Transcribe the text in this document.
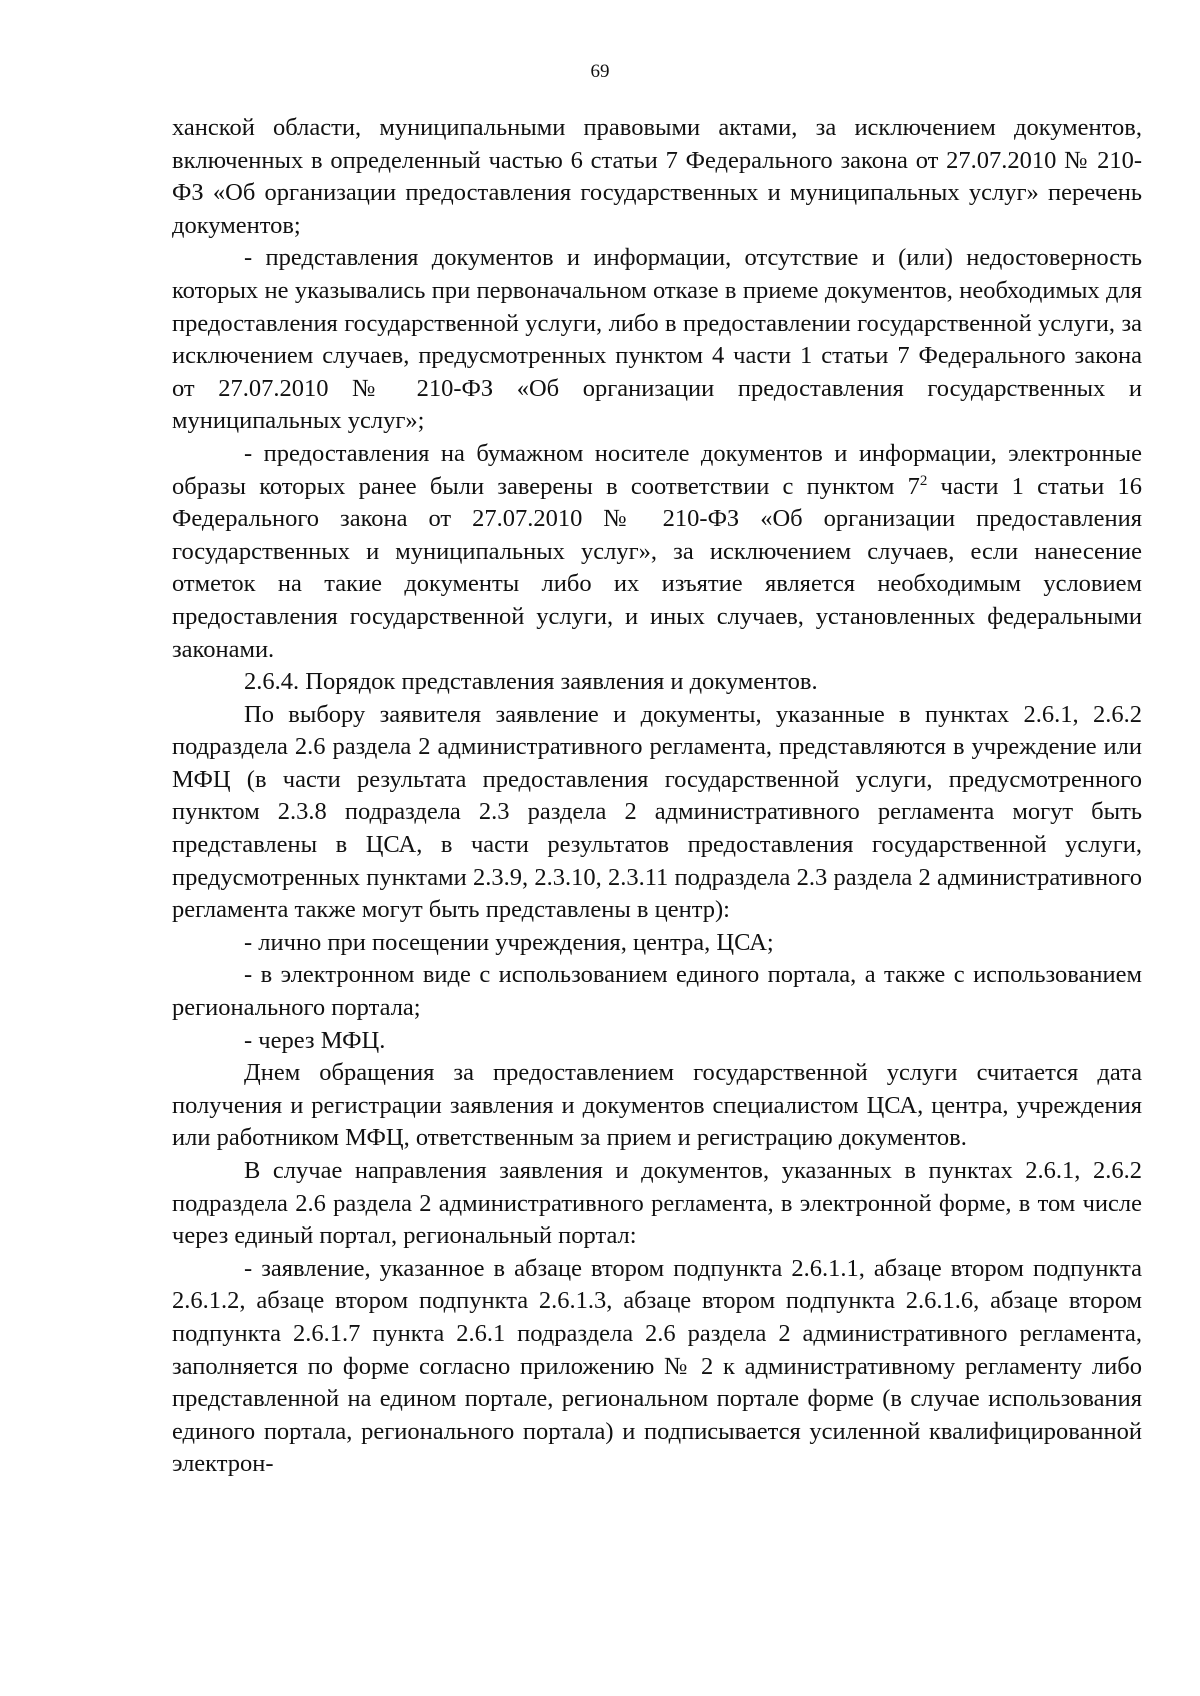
69

ханской области, муниципальными правовыми актами, за исключением документов, включенных в определенный частью 6 статьи 7 Федерального закона от 27.07.2010 № 210-ФЗ «Об организации предоставления государственных и муниципальных услуг» перечень документов;

- представления документов и информации, отсутствие и (или) недостоверность которых не указывались при первоначальном отказе в приеме документов, необходимых для предоставления государственной услуги, либо в предоставлении государственной услуги, за исключением случаев, предусмотренных пунктом 4 части 1 статьи 7 Федерального закона от 27.07.2010 № 210-ФЗ «Об организации предоставления государственных и муниципальных услуг»;

- предоставления на бумажном носителе документов и информации, электронные образы которых ранее были заверены в соответствии с пунктом $7^2$ части 1 статьи 16 Федерального закона от 27.07.2010 № 210-ФЗ «Об организации предоставления государственных и муниципальных услуг», за исключением случаев, если нанесение отметок на такие документы либо их изъятие является необходимым условием предоставления государственной услуги, и иных случаев, установленных федеральными законами.

2.6.4. Порядок представления заявления и документов.

По выбору заявителя заявление и документы, указанные в пунктах 2.6.1, 2.6.2 подраздела 2.6 раздела 2 административного регламента, представляются в учреждение или МФЦ (в части результата предоставления государственной услуги, предусмотренного пунктом 2.3.8 подраздела 2.3 раздела 2 административного регламента могут быть представлены в ЦСА, в части результатов предоставления государственной услуги, предусмотренных пунктами 2.3.9, 2.3.10, 2.3.11 подраздела 2.3 раздела 2 административного регламента также могут быть представлены в центр):

- лично при посещении учреждения, центра, ЦСА;

- в электронном виде с использованием единого портала, а также с использованием регионального портала;

- через МФЦ.

Днем обращения за предоставлением государственной услуги считается дата получения и регистрации заявления и документов специалистом ЦСА, центра, учреждения или работником МФЦ, ответственным за прием и регистрацию документов.

В случае направления заявления и документов, указанных в пунктах 2.6.1, 2.6.2 подраздела 2.6 раздела 2 административного регламента, в электронной форме, в том числе через единый портал, региональный портал:

- заявление, указанное в абзаце втором подпункта 2.6.1.1, абзаце втором подпункта 2.6.1.2, абзаце втором подпункта 2.6.1.3, абзаце втором подпункта 2.6.1.6, абзаце втором подпункта 2.6.1.7 пункта 2.6.1 подраздела 2.6 раздела 2 административного регламента, заполняется по форме согласно приложению № 2 к административному регламенту либо представленной на едином портале, региональном портале форме (в случае использования единого портала, регионального портала) и подписывается усиленной квалифицированной электрон-
